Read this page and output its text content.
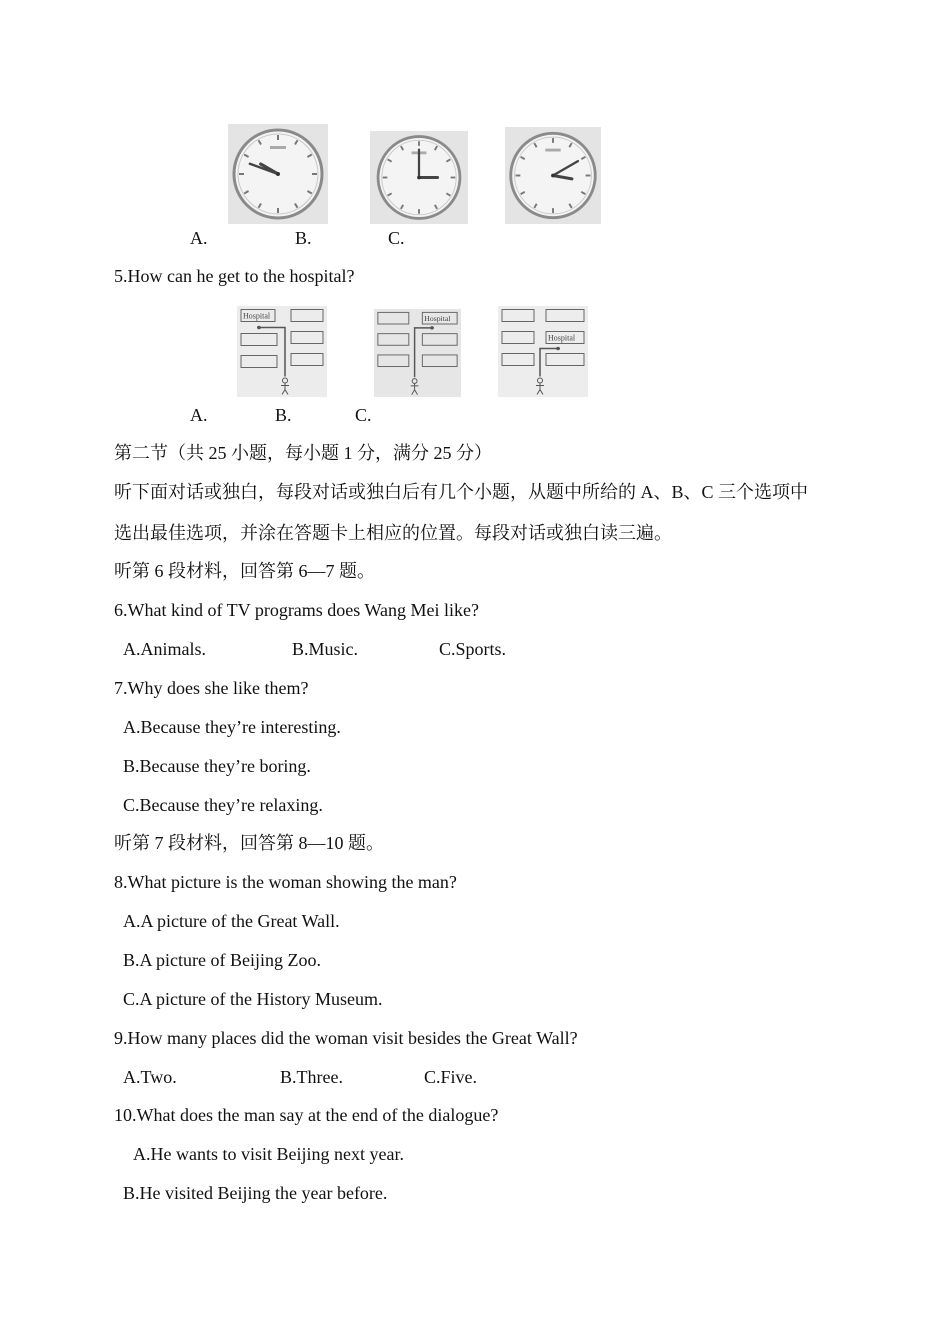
A.	B.	C.
5.How can he get to the hospital?
Hospital	Hospital
Hospital
A.	B.	C.
第二节（共 25 小题，每小题 1 分，满分 25 分）
听下面对话或独白，每段对话或独白后有几个小题，从题中所给的 A、B、C 三个选项中
选出最佳选项，并涂在答题卡上相应的位置。每段对话或独白读三遍。
听第 6 段材料，回答第 6—7 题。
6.What kind of TV programs does Wang Mei like?
A.Animals.	B.Music.	C.Sports.
7.Why does she like them?
A.Because they’re interesting.
B.Because they’re boring.
C.Because they’re relaxing.
听第 7 段材料，回答第 8—10 题。
8.What picture is the woman showing the man?
A.A picture of the Great Wall.
B.A picture of Beijing Zoo.
C.A picture of the History Museum.
9.How many places did the woman visit besides the Great Wall?
A.Two.	B.Three.	C.Five.
10.What does the man say at the end of the dialogue?
A.He wants to visit Beijing next year.
B.He visited Beijing the year before.
